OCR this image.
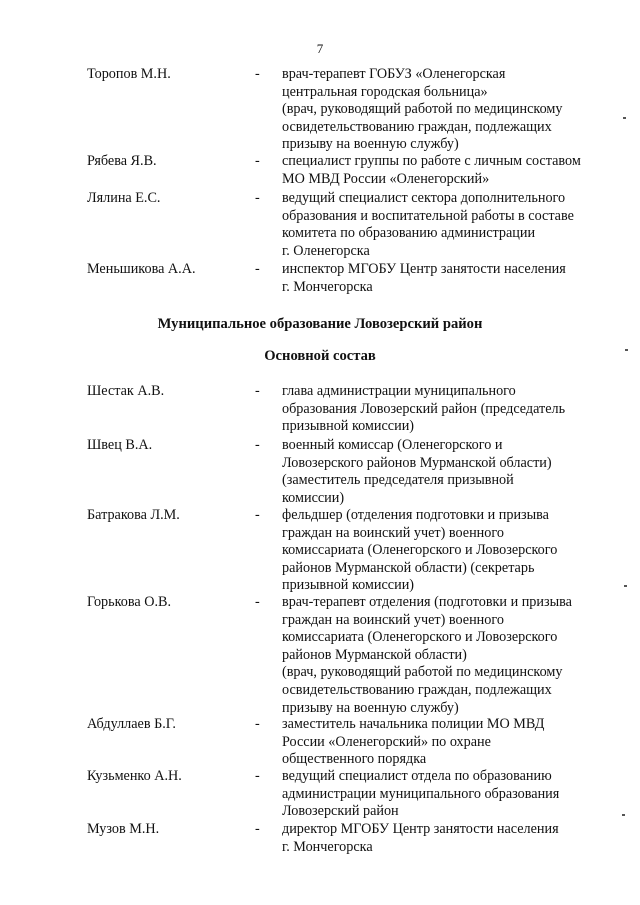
7
Торопов М.Н.	- врач-терапевт ГОБУЗ «Оленегорская
центральная городская больница»
(врач, руководящий работой по медицинскому
освидетельствованию граждан, подлежащих
призыву на военную службу)
Рябева Я.В.	- специалист группы по работе с личным составом
МО МВД России «Оленегорский»
Лялина Е.С.	- ведущий специалист сектора дополнительного
образования и воспитательной работы в составе
комитета по образованию администрации
г. Оленегорска
Меньшикова А.А.	- инспектор МГОБУ Центр занятости населения
г. Мончегорска
Муниципальное образование Ловозерский район
Основной состав
Шестак А.В.	- глава администрации муниципального
образования Ловозерский район (председатель
призывной комиссии)
Швец В.А.	- военный комиссар (Оленегорского и
Ловозерского районов Мурманской области)
(заместитель председателя призывной
комиссии)
Батракова Л.М.	- фельдшер (отделения подготовки и призыва
граждан на воинский учет) военного
комиссариата (Оленегорского и Ловозерского
районов Мурманской области) (секретарь
призывной комиссии)
Горькова О.В.	- врач-терапевт отделения (подготовки и призыва
граждан на воинский учет) военного
комиссариата (Оленегорского и Ловозерского
районов Мурманской области)
(врач, руководящий работой по медицинскому
освидетельствованию граждан, подлежащих
призыву на военную службу)
Абдуллаев Б.Г.	- заместитель начальника полиции МО МВД
России «Оленегорский» по охране
общественного порядка
Кузьменко А.Н.	- ведущий специалист отдела по образованию
администрации муниципального образования
Ловозерский район
Музов М.Н.	- директор МГОБУ Центр занятости населения
г. Мончегорска
